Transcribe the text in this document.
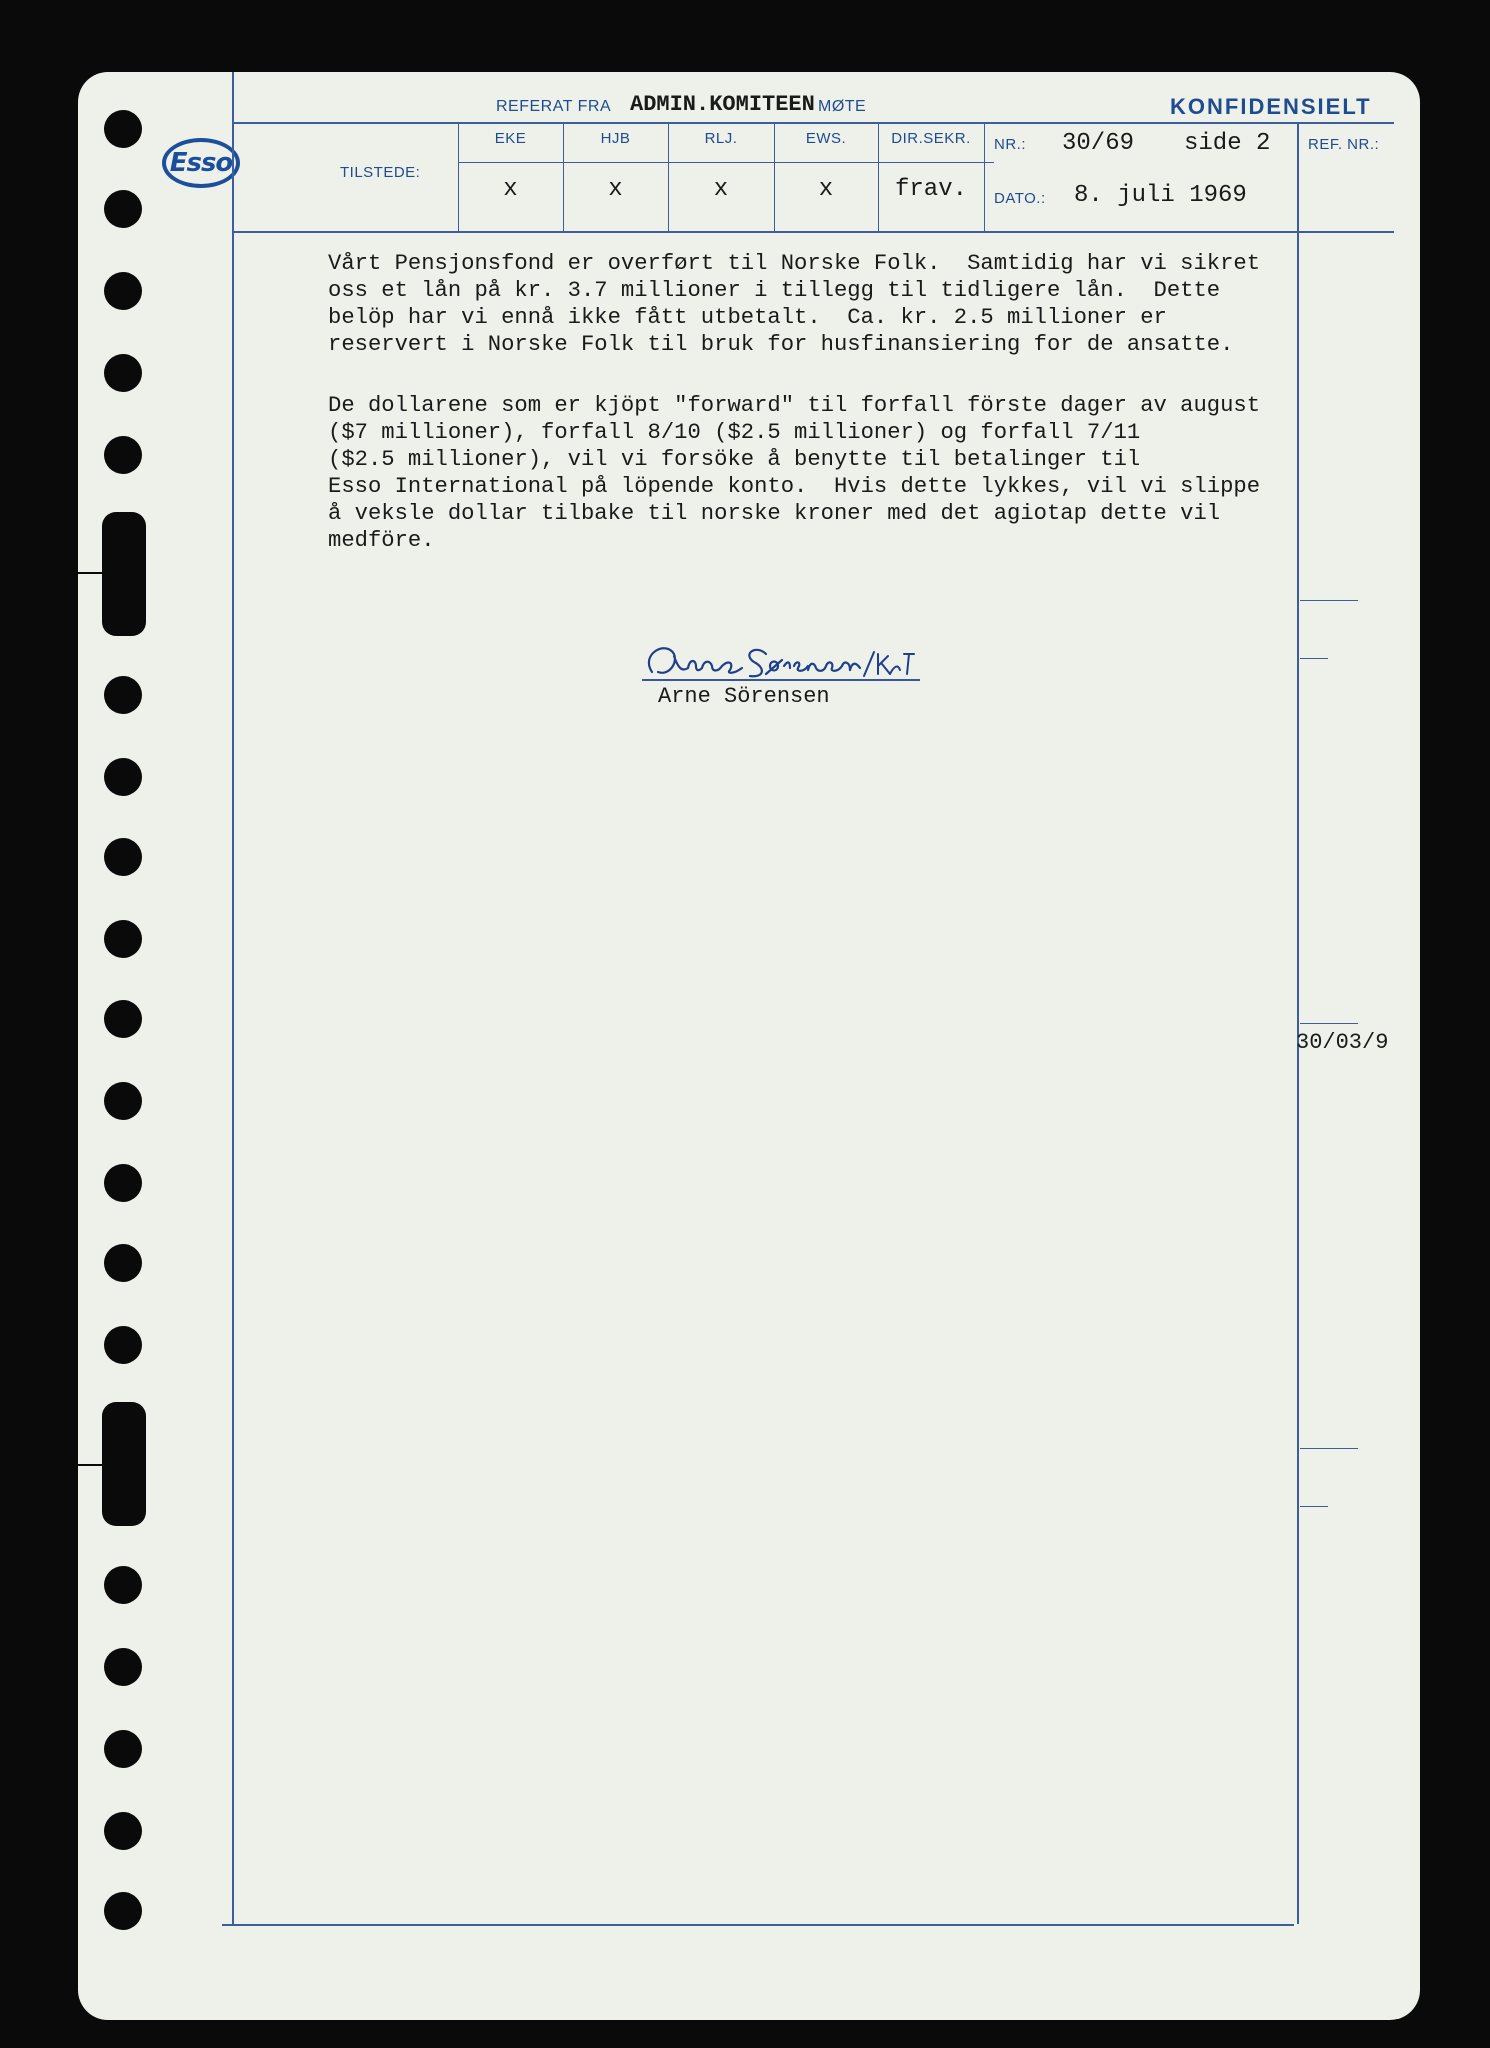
Esso
REFERAT FRA ADMIN.KOMITEEN MØTE	KONFIDENSIELT
TILSTEDE:
EKE	HJB	RLJ.	EWS.	DIR.SEKR.
x	x	x	x	frav.
NR.: 30/69 side 2
DATO.: 8. juli 1969
REF. NR.:
Vårt Pensjonsfond er overført til Norske Folk.  Samtidig har vi sikret
oss et lån på kr. 3.7 millioner i tillegg til tidligere lån.  Dette
belöp har vi ennå ikke fått utbetalt.  Ca. kr. 2.5 millioner er
reservert i Norske Folk til bruk for husfinansiering for de ansatte.
De dollarene som er kjöpt "forward" til forfall förste dager av august
($7 millioner), forfall 8/10 ($2.5 millioner) og forfall 7/11
($2.5 millioner), vil vi forsöke å benytte til betalinger til
Esso International på löpende konto.  Hvis dette lykkes, vil vi slippe
å veksle dollar tilbake til norske kroner med det agiotap dette vil
medföre.
Arne Sörensen
30/03/9
